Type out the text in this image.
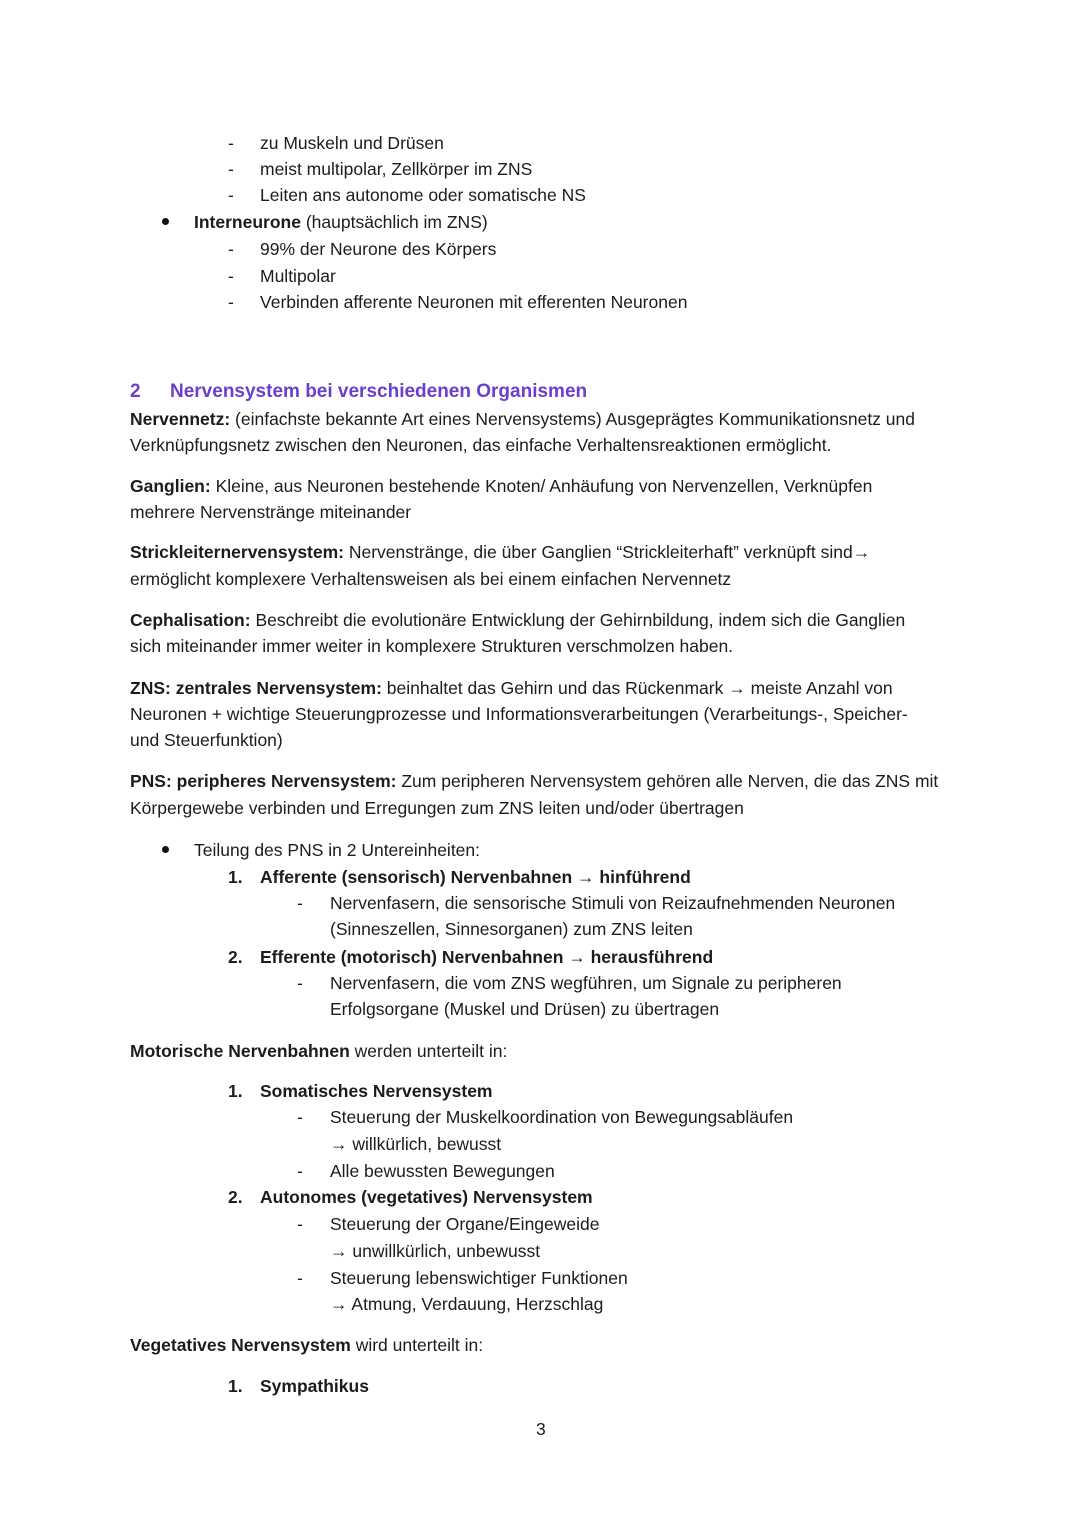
- zu Muskeln und Drüsen
- meist multipolar, Zellkörper im ZNS
- Leiten ans autonome oder somatische NS
Interneurone (hauptsächlich im ZNS)
- 99% der Neurone des Körpers
- Multipolar
- Verbinden afferente Neuronen mit efferenten Neuronen
2 Nervensystem bei verschiedenen Organismen
Nervennetz: (einfachste bekannte Art eines Nervensystems) Ausgeprägtes Kommunikationsnetz und
Verknüpfungsnetz zwischen den Neuronen, das einfache Verhaltensreaktionen ermöglicht.
Ganglien: Kleine, aus Neuronen bestehende Knoten/ Anhäufung von Nervenzellen, Verknüpfen
mehrere Nervenstränge miteinander
Strickleiternervensystem: Nervenstränge, die über Ganglien “Strickleiterhaft” verknüpft sind→
ermöglicht komplexere Verhaltensweisen als bei einem einfachen Nervennetz
Cephalisation: Beschreibt die evolutionäre Entwicklung der Gehirnbildung, indem sich die Ganglien
sich miteinander immer weiter in komplexere Strukturen verschmolzen haben.
ZNS: zentrales Nervensystem: beinhaltet das Gehirn und das Rückenmark → meiste Anzahl von
Neuronen + wichtige Steuerungprozesse und Informationsverarbeitungen (Verarbeitungs-, Speicher-
und Steuerfunktion)
PNS: peripheres Nervensystem: Zum peripheren Nervensystem gehören alle Nerven, die das ZNS mit
Körpergewebe verbinden und Erregungen zum ZNS leiten und/oder übertragen
Teilung des PNS in 2 Untereinheiten:
1. Afferente (sensorisch) Nervenbahnen → hinführend
- Nervenfasern, die sensorische Stimuli von Reizaufnehmenden Neuronen
(Sinneszellen, Sinnesorganen) zum ZNS leiten
2. Efferente (motorisch) Nervenbahnen → herausführend
- Nervenfasern, die vom ZNS wegführen, um Signale zu peripheren
Erfolgsorgane (Muskel und Drüsen) zu übertragen
Motorische Nervenbahnen werden unterteilt in:
1. Somatisches Nervensystem
- Steuerung der Muskelkoordination von Bewegungsabläufen
→ willkürlich, bewusst
- Alle bewussten Bewegungen
2. Autonomes (vegetatives) Nervensystem
- Steuerung der Organe/Eingeweide
→ unwillkürlich, unbewusst
- Steuerung lebenswichtiger Funktionen
→ Atmung, Verdauung, Herzschlag
Vegetatives Nervensystem wird unterteilt in:
1. Sympathikus
3
